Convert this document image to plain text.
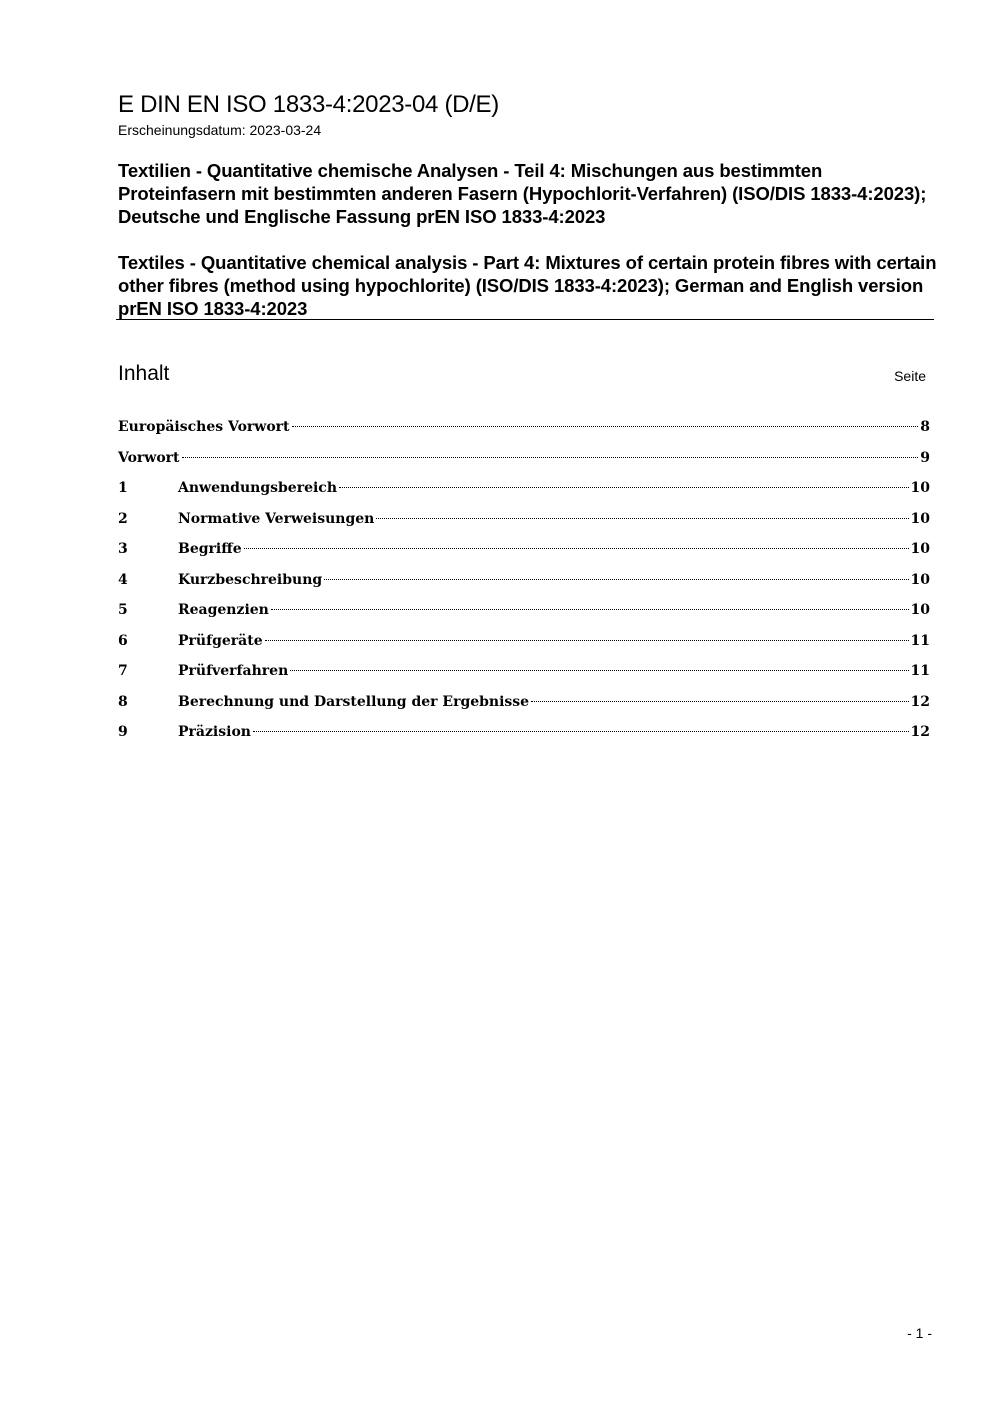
E DIN EN ISO 1833-4:2023-04 (D/E)
Erscheinungsdatum: 2023-03-24
Textilien - Quantitative chemische Analysen - Teil 4: Mischungen aus bestimmten Proteinfasern mit bestimmten anderen Fasern (Hypochlorit-Verfahren) (ISO/DIS 1833-4:2023); Deutsche und Englische Fassung prEN ISO 1833-4:2023
Textiles - Quantitative chemical analysis - Part 4: Mixtures of certain protein fibres with certain other fibres (method using hypochlorite) (ISO/DIS 1833-4:2023); German and English version prEN ISO 1833-4:2023
Inhalt	Seite
Europäisches Vorwort	8
Vorwort	9
1	Anwendungsbereich	10
2	Normative Verweisungen	10
3	Begriffe	10
4	Kurzbeschreibung	10
5	Reagenzien	10
6	Prüfgeräte	11
7	Prüfverfahren	11
8	Berechnung und Darstellung der Ergebnisse	12
9	Präzision	12
- 1 -
